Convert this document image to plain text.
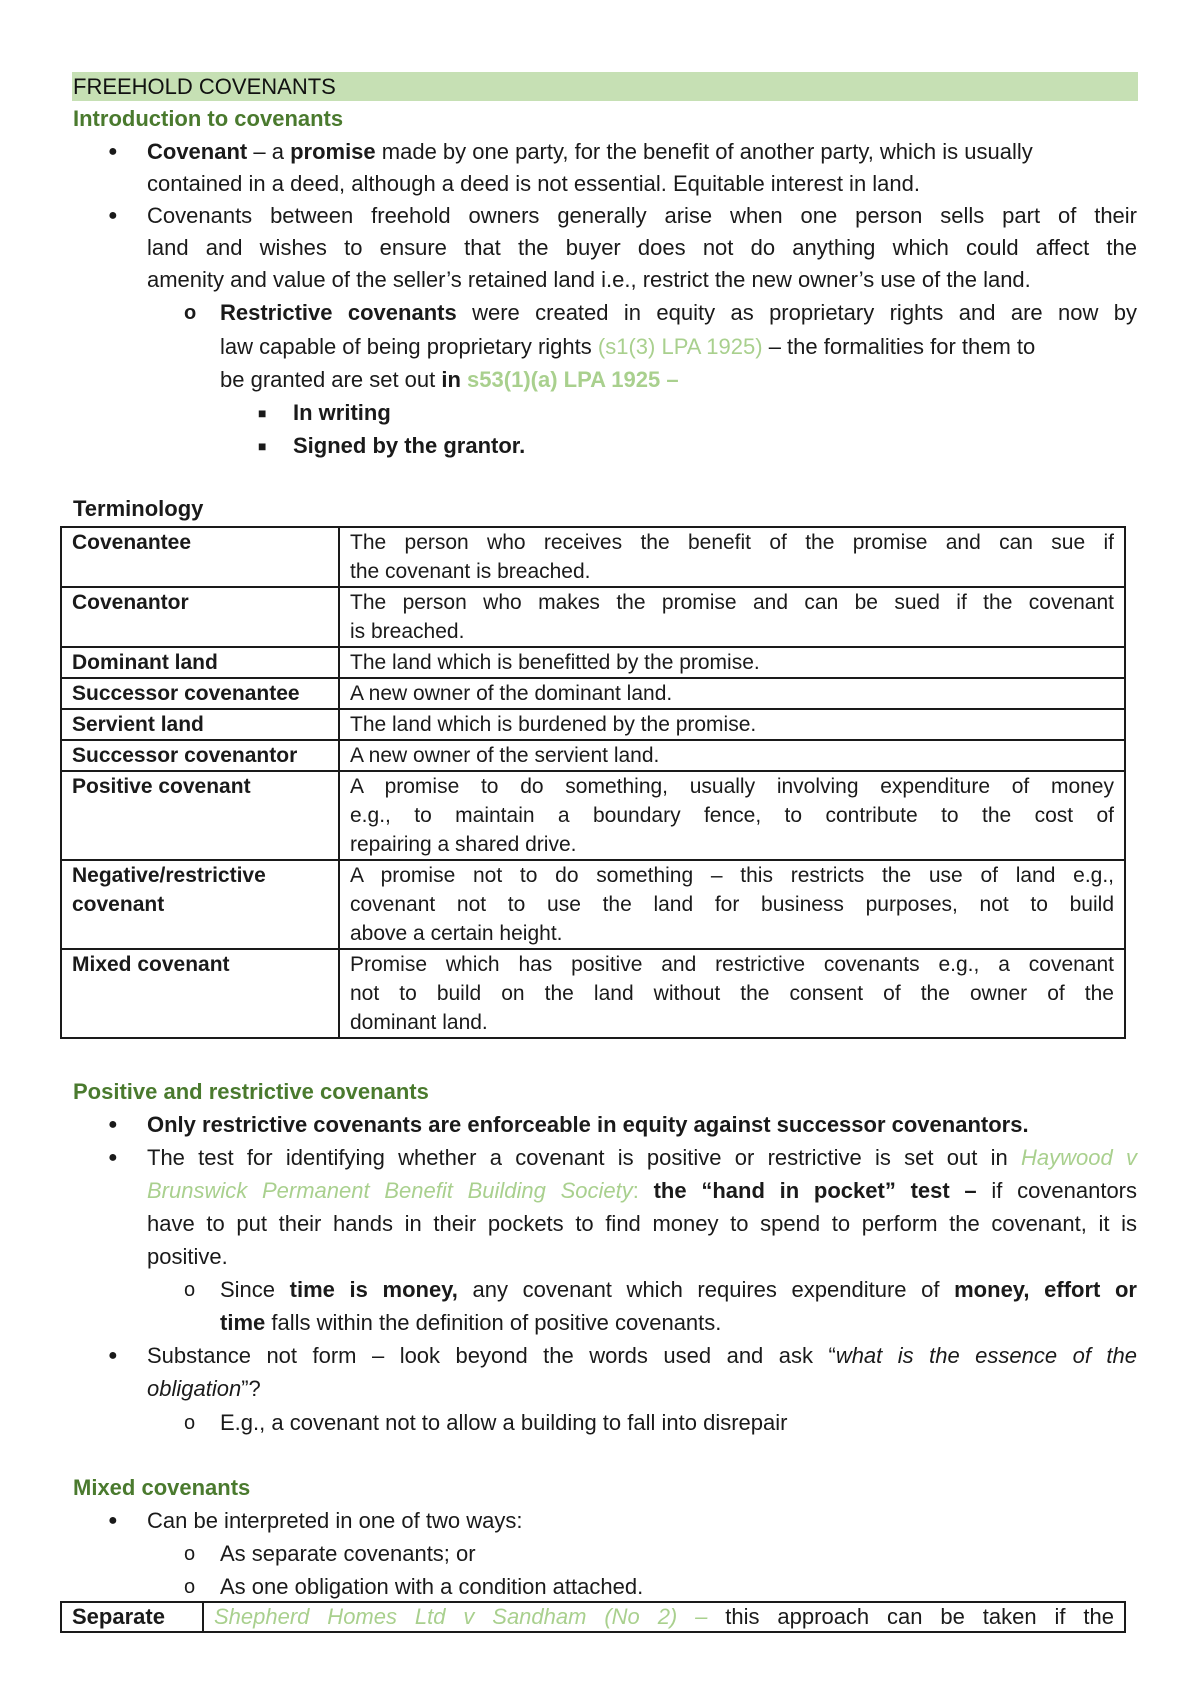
FREEHOLD COVENANTS
Introduction to covenants
● Covenant – a promise made by one party, for the benefit of another party, which is usually
contained in a deed, although a deed is not essential. Equitable interest in land.
● Covenants between freehold owners generally arise when one person sells part of their
land and wishes to ensure that the buyer does not do anything which could affect the
amenity and value of the seller’s retained land i.e., restrict the new owner’s use of the land.
o Restrictive covenants were created in equity as proprietary rights and are now by
law capable of being proprietary rights (s1(3) LPA 1925) – the formalities for them to
be granted are set out in s53(1)(a) LPA 1925 –
■ In writing
■ Signed by the grantor.
Terminology
Covenantee	The person who receives the benefit of the promise and can sue if
the covenant is breached.

Covenantor	The person who makes the promise and can be sued if the covenant
is breached.

Dominant land	The land which is benefitted by the promise.

Successor covenantee	A new owner of the dominant land.

Servient land	The land which is burdened by the promise.

Successor covenantor	A new owner of the servient land.

Positive covenant	A promise to do something, usually involving expenditure of money
e.g., to maintain a boundary fence, to contribute to the cost of
repairing a shared drive.

Negative/restrictive
covenant	A promise not to do something – this restricts the use of land e.g.,
covenant not to use the land for business purposes, not to build
above a certain height.

Mixed covenant	Promise which has positive and restrictive covenants e.g., a covenant
not to build on the land without the consent of the owner of the
dominant land.
Positive and restrictive covenants
● Only restrictive covenants are enforceable in equity against successor covenantors.
● The test for identifying whether a covenant is positive or restrictive is set out in Haywood v
Brunswick Permanent Benefit Building Society: the “hand in pocket” test – if covenantors
have to put their hands in their pockets to find money to spend to perform the covenant, it is
positive.
o Since time is money, any covenant which requires expenditure of money, effort or
time falls within the definition of positive covenants.
● Substance not form – look beyond the words used and ask “what is the essence of the
obligation”?
o E.g., a covenant not to allow a building to fall into disrepair
Mixed covenants
● Can be interpreted in one of two ways:
o As separate covenants; or
o As one obligation with a condition attached.
Separate	Shepherd Homes Ltd v Sandham (No 2) – this approach can be taken if the
